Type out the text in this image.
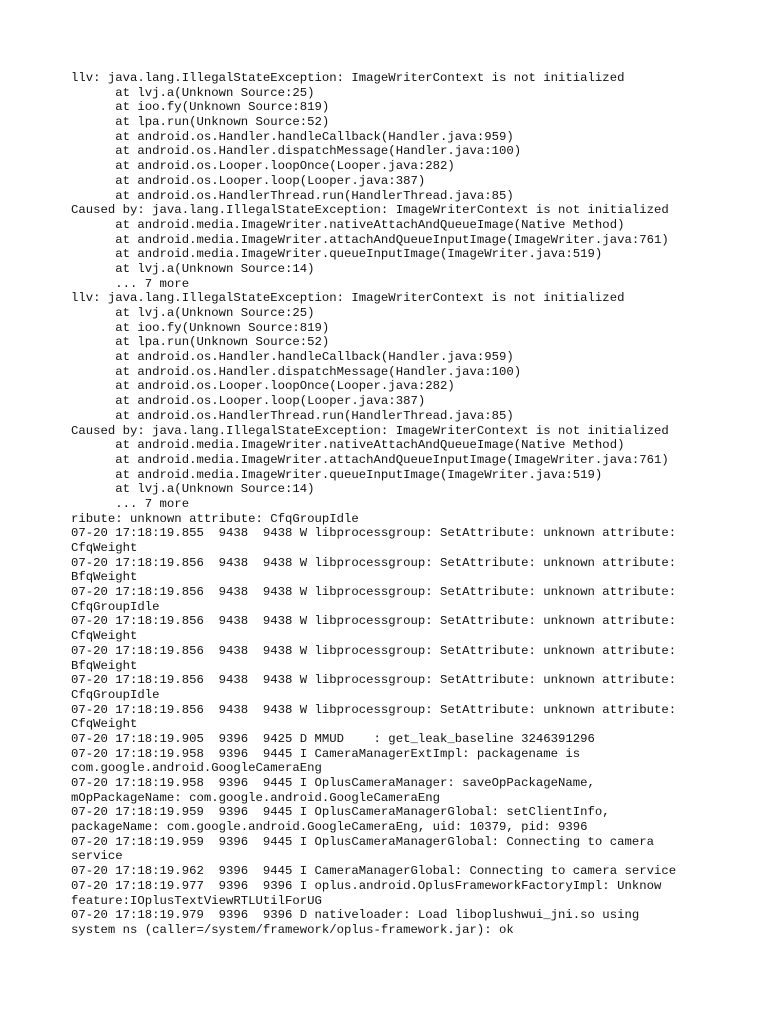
llv: java.lang.IllegalStateException: ImageWriterContext is not initialized
at lvj.a(Unknown Source:25)
at ioo.fy(Unknown Source:819)
at lpa.run(Unknown Source:52)
at android.os.Handler.handleCallback(Handler.java:959)
at android.os.Handler.dispatchMessage(Handler.java:100)
at android.os.Looper.loopOnce(Looper.java:282)
at android.os.Looper.loop(Looper.java:387)
at android.os.HandlerThread.run(HandlerThread.java:85)
Caused by: java.lang.IllegalStateException: ImageWriterContext is not initialized
at android.media.ImageWriter.nativeAttachAndQueueImage(Native Method)
at android.media.ImageWriter.attachAndQueueInputImage(ImageWriter.java:761)
at android.media.ImageWriter.queueInputImage(ImageWriter.java:519)
at lvj.a(Unknown Source:14)
... 7 more
llv: java.lang.IllegalStateException: ImageWriterContext is not initialized
at lvj.a(Unknown Source:25)
at ioo.fy(Unknown Source:819)
at lpa.run(Unknown Source:52)
at android.os.Handler.handleCallback(Handler.java:959)
at android.os.Handler.dispatchMessage(Handler.java:100)
at android.os.Looper.loopOnce(Looper.java:282)
at android.os.Looper.loop(Looper.java:387)
at android.os.HandlerThread.run(HandlerThread.java:85)
Caused by: java.lang.IllegalStateException: ImageWriterContext is not initialized
at android.media.ImageWriter.nativeAttachAndQueueImage(Native Method)
at android.media.ImageWriter.attachAndQueueInputImage(ImageWriter.java:761)
at android.media.ImageWriter.queueInputImage(ImageWriter.java:519)
at lvj.a(Unknown Source:14)
... 7 more
ribute: unknown attribute: CfqGroupIdle
07-20 17:18:19.855  9438  9438 W libprocessgroup: SetAttribute: unknown attribute:
CfqWeight
07-20 17:18:19.856  9438  9438 W libprocessgroup: SetAttribute: unknown attribute:
BfqWeight
07-20 17:18:19.856  9438  9438 W libprocessgroup: SetAttribute: unknown attribute:
CfqGroupIdle
07-20 17:18:19.856  9438  9438 W libprocessgroup: SetAttribute: unknown attribute:
CfqWeight
07-20 17:18:19.856  9438  9438 W libprocessgroup: SetAttribute: unknown attribute:
BfqWeight
07-20 17:18:19.856  9438  9438 W libprocessgroup: SetAttribute: unknown attribute:
CfqGroupIdle
07-20 17:18:19.856  9438  9438 W libprocessgroup: SetAttribute: unknown attribute:
CfqWeight
07-20 17:18:19.905  9396  9425 D MMUD    : get_leak_baseline 3246391296
07-20 17:18:19.958  9396  9445 I CameraManagerExtImpl: packagename is
com.google.android.GoogleCameraEng
07-20 17:18:19.958  9396  9445 I OplusCameraManager: saveOpPackageName,
mOpPackageName: com.google.android.GoogleCameraEng
07-20 17:18:19.959  9396  9445 I OplusCameraManagerGlobal: setClientInfo,
packageName: com.google.android.GoogleCameraEng, uid: 10379, pid: 9396
07-20 17:18:19.959  9396  9445 I OplusCameraManagerGlobal: Connecting to camera
service
07-20 17:18:19.962  9396  9445 I CameraManagerGlobal: Connecting to camera service
07-20 17:18:19.977  9396  9396 I oplus.android.OplusFrameworkFactoryImpl: Unknow
feature:IOplusTextViewRTLUtilForUG
07-20 17:18:19.979  9396  9396 D nativeloader: Load liboplushwui_jni.so using
system ns (caller=/system/framework/oplus-framework.jar): ok
